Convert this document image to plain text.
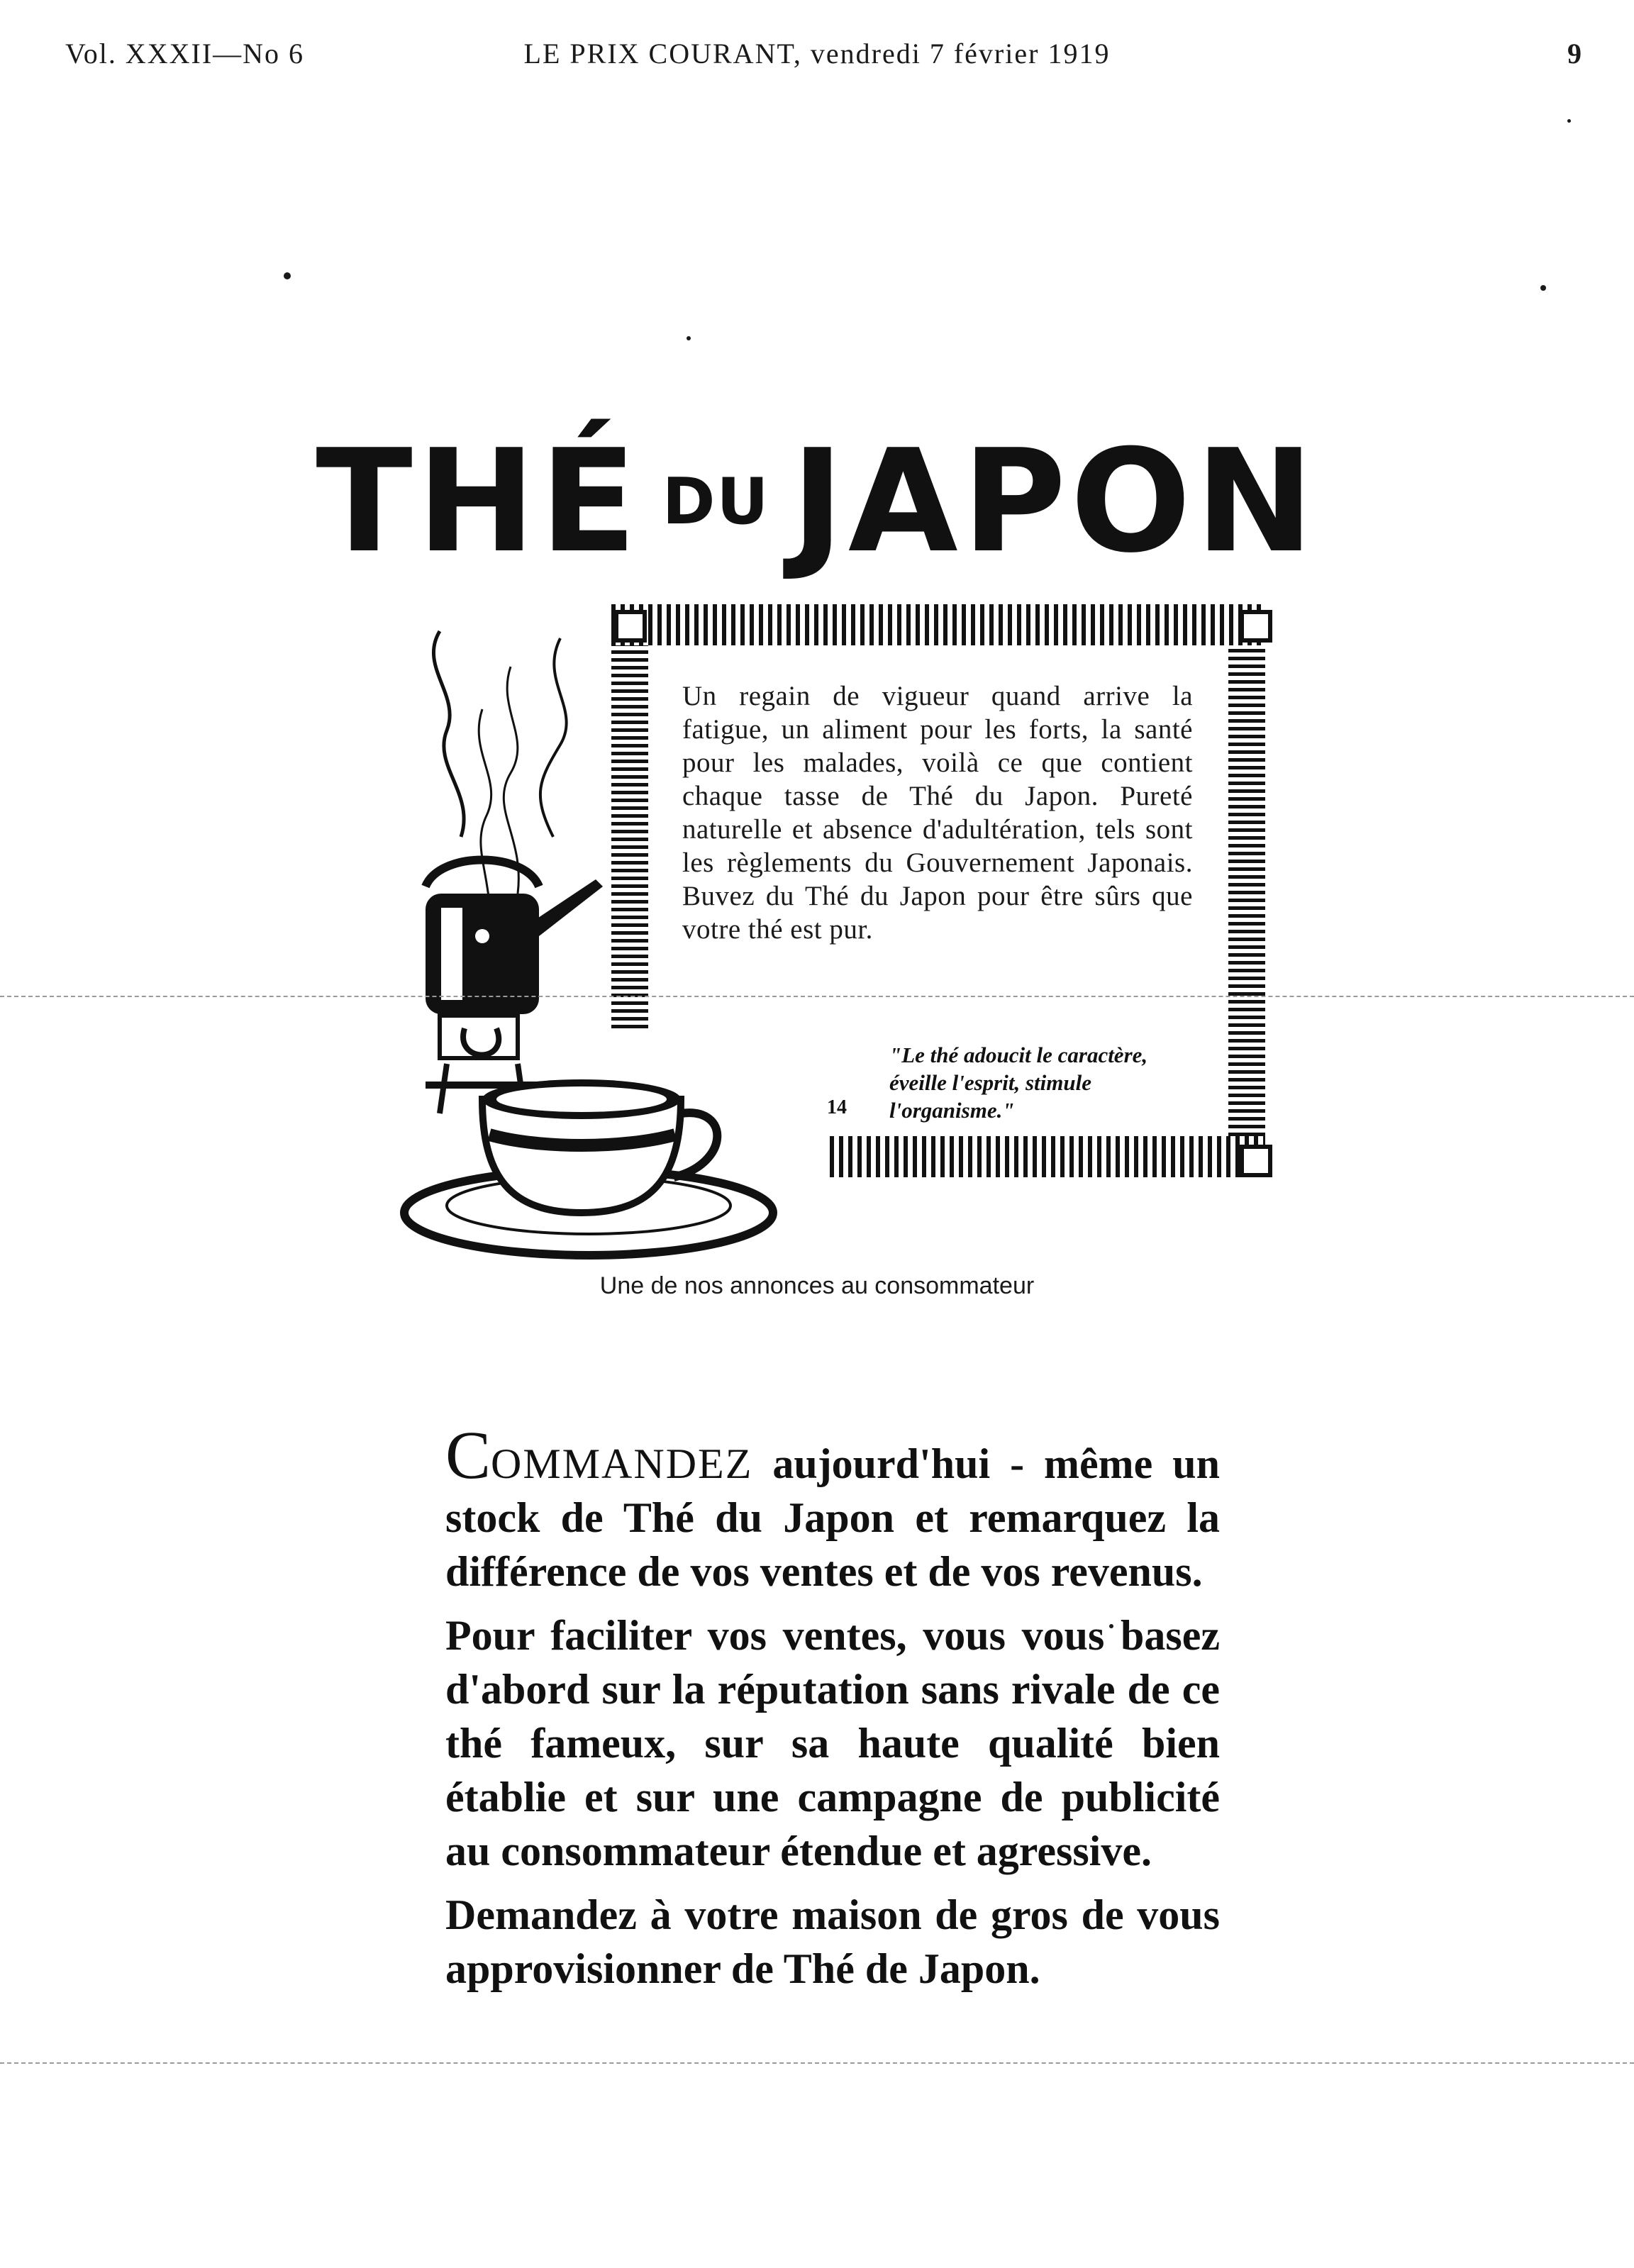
Vol. XXXII—No 6	LE PRIX COURANT, vendredi 7 février 1919	9
THÉ DU JAPON
Un regain de vigueur quand arrive la fatigue, un aliment pour les forts, la santé pour les malades, voilà ce que contient chaque tasse de Thé du Japon. Pureté naturelle et absence d'adultération, tels sont les règlements du Gouvernement Japonais. Buvez du Thé du Japon pour être sûrs que votre thé est pur.
"Le thé adoucit le caractère, éveille l'esprit, stimule l'organisme."
14
Une de nos annonces au consommateur

COMMANDEZ aujourd'hui - même un stock de Thé du Japon et remarquez la différence de vos ventes et de vos revenus.

Pour faciliter vos ventes, vous vous basez d'abord sur la réputation sans rivale de ce thé fameux, sur sa haute qualité bien établie et sur une campagne de publicité au consommateur étendue et agressive.

Demandez à votre maison de gros de vous approvisionner de Thé de Japon.
